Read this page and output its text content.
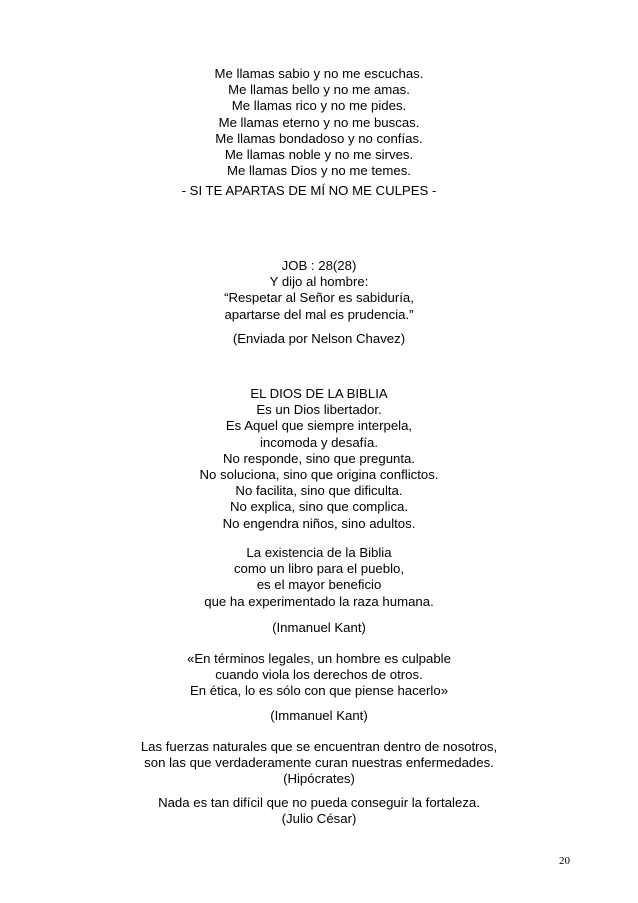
Me llamas sabio y no me escuchas.
Me llamas bello y no me amas.
Me llamas rico y no me pides.
Me llamas eterno y no me buscas.
Me llamas bondadoso y no confías.
Me llamas noble y no me sirves.
Me llamas Dios y no me temes.
- SI TE APARTAS DE MÍ NO ME CULPES -
JOB : 28(28)
Y dijo al hombre:
“Respetar al Señor es sabiduría,
apartarse del mal es prudencia.”
(Enviada por Nelson Chavez)
EL DIOS DE LA BIBLIA
Es un Dios libertador.
Es Aquel que siempre interpela,
incomoda y desafía.
No responde, sino que pregunta.
No soluciona, sino que origina conflictos.
No facilita, sino que dificulta.
No explica, sino que complica.
No engendra niños, sino adultos.
La existencia de la Biblia
como un libro para el pueblo,
es el mayor beneficio
que ha experimentado la raza humana.
(Inmanuel Kant)
«En términos legales, un hombre es culpable
cuando viola los derechos de otros.
En ética, lo es sólo con que piense hacerlo»
(Immanuel Kant)
Las fuerzas naturales que se encuentran dentro de nosotros,
son las que verdaderamente curan nuestras enfermedades.
(Hipócrates)
Nada es tan difícil que no pueda conseguir la fortaleza.
(Julio César)
20
